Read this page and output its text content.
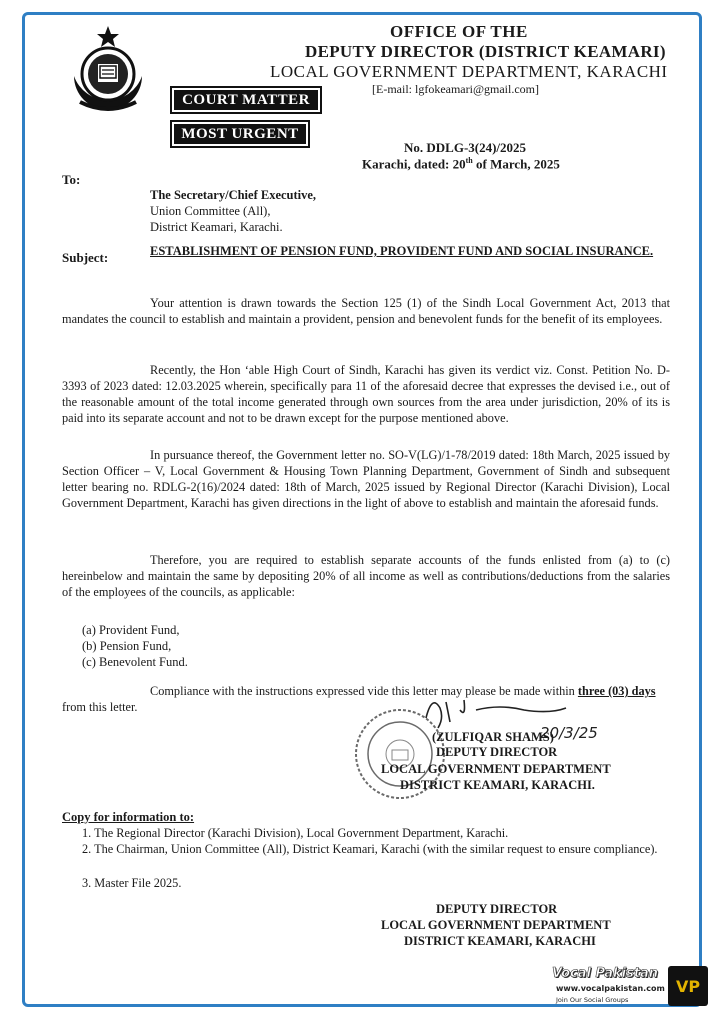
OFFICE OF THE
DEPUTY DIRECTOR (DISTRICT KEAMARI)
LOCAL GOVERNMENT DEPARTMENT, KARACHI
[E-mail: lgfokeamari@gmail.com]
COURT MATTER
MOST URGENT
No. DDLG-3(24)/2025
Karachi, dated: 20th of March, 2025
To:
The Secretary/Chief Executive,
Union Committee (All),
District Keamari, Karachi.
Subject:	ESTABLISHMENT OF PENSION FUND, PROVIDENT FUND AND SOCIAL INSURANCE.
Your attention is drawn towards the Section 125 (1) of the Sindh Local Government Act, 2013 that mandates the council to establish and maintain a provident, pension and benevolent funds for the benefit of its employees.
Recently, the Hon ‘able High Court of Sindh, Karachi has given its verdict viz. Const. Petition No. D-3393 of 2023 dated: 12.03.2025 wherein, specifically para 11 of the aforesaid decree that expresses the devised i.e., out of the reasonable amount of the total income generated through own sources from the area under jurisdiction, 20% of its is paid into its separate account and not to be drawn except for the purpose mentioned above.
In pursuance thereof, the Government letter no. SO-V(LG)/1-78/2019 dated: 18th March, 2025 issued by Section Officer – V, Local Government & Housing Town Planning Department, Government of Sindh and subsequent letter bearing no. RDLG-2(16)/2024 dated: 18th of March, 2025 issued by Regional Director (Karachi Division), Local Government Department, Karachi has given directions in the light of above to establish and maintain the aforesaid funds.
Therefore, you are required to establish separate accounts of the funds enlisted from (a) to (c) hereinbelow and maintain the same by depositing 20% of all income as well as contributions/deductions from the salaries of the employees of the councils, as applicable:
(a) Provident Fund,
(b) Pension Fund,
(c) Benevolent Fund.
Compliance with the instructions expressed vide this letter may please be made within three (03) days from this letter.
20/3/25
(ZULFIQAR SHAMS)
DEPUTY DIRECTOR
LOCAL GOVERNMENT DEPARTMENT
DISTRICT KEAMARI, KARACHI.
Copy for information to:
1. The Regional Director (Karachi Division), Local Government Department, Karachi.
2. The Chairman, Union Committee (All), District Keamari, Karachi (with the similar request to ensure compliance).
3. Master File 2025.
DEPUTY DIRECTOR
LOCAL GOVERNMENT DEPARTMENT
DISTRICT KEAMARI, KARACHI
Vocal Pakistan
www.vocalpakistan.com
Join Our Social Groups
VP
